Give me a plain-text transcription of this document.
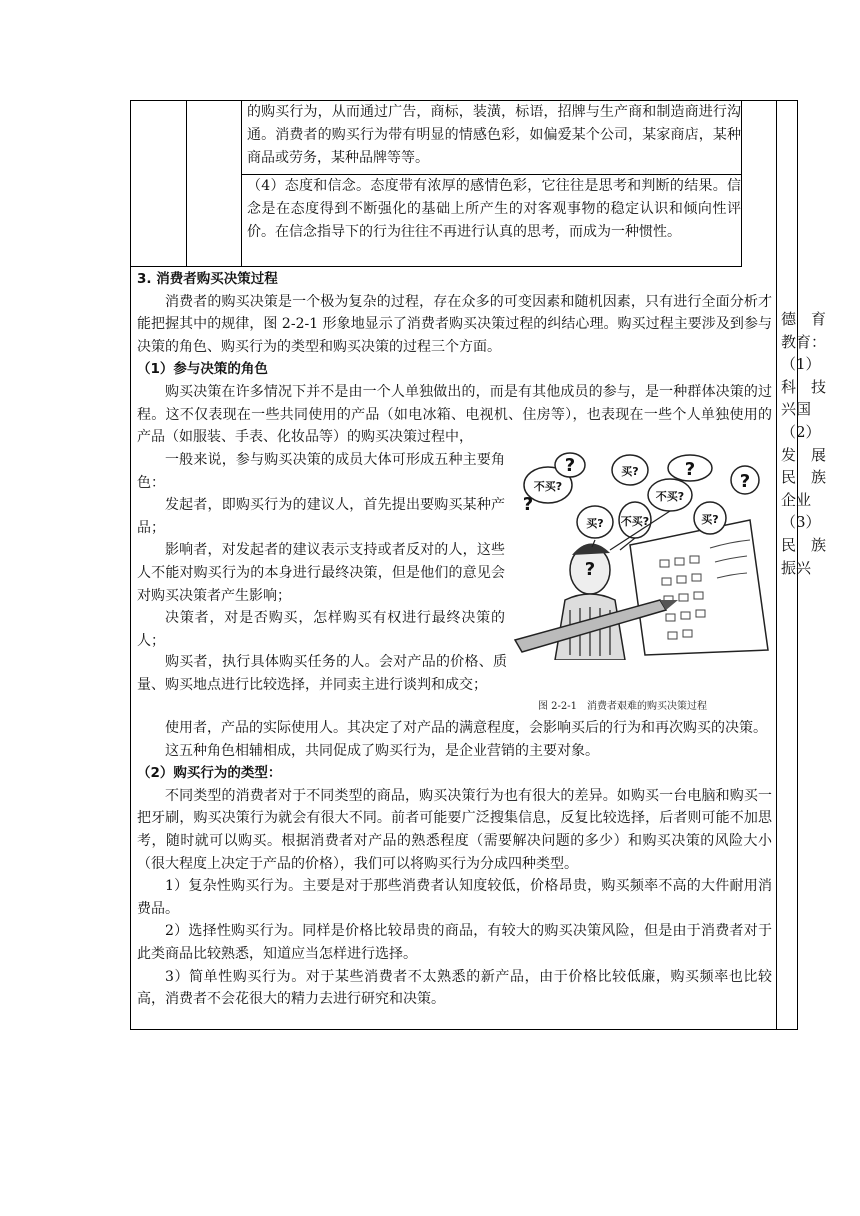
的购买行为，从而通过广告，商标，装潢，标语，招牌与生产商和制造商进行沟通。消费者的购买行为带有明显的情感色彩，如偏爱某个公司，某家商店，某种商品或劳务，某种品牌等等。
（4）态度和信念。态度带有浓厚的感情色彩，它往往是思考和判断的结果。信念是在态度得到不断强化的基础上所产生的对客观事物的稳定认识和倾向性评价。在信念指导下的行为往往不再进行认真的思考，而成为一种惯性。

3. 消费者购买决策过程

消费者的购买决策是一个极为复杂的过程，存在众多的可变因素和随机因素，只有进行全面分析才能把握其中的规律，图 2-2-1 形象地显示了消费者购买决策过程的纠结心理。购买过程主要涉及到参与决策的角色、购买行为的类型和购买决策的过程三个方面。

（1）参与决策的角色

购买决策在许多情况下并不是由一个人单独做出的，而是有其他成员的参与，是一种群体决策的过程。这不仅表现在一些共同使用的产品（如电冰箱、电视机、住房等），也表现在一些个人单独使用的产品（如服装、手表、化妆品等）的购买决策过程中，

一般来说，参与购买决策的成员大体可形成五种主要角色：

发起者，即购买行为的建议人，首先提出要购买某种产品；

影响者，对发起者的建议表示支持或者反对的人，这些人不能对购买行为的本身进行最终决策，但是他们的意见会对购买决策者产生影响；

决策者，对是否购买，怎样购买有权进行最终决策的人；

购买者，执行具体购买任务的人。会对产品的价格、质量、购买地点进行比较选择，并同卖主进行谈判和成交；

不买?
买?
不买?
买? 不买?	买?
?	?
?
?
?
图 2-2-1　消费者艰难的购买决策过程

使用者，产品的实际使用人。其决定了对产品的满意程度，会影响买后的行为和再次购买的决策。

这五种角色相辅相成，共同促成了购买行为，是企业营销的主要对象。

（2）购买行为的类型：

不同类型的消费者对于不同类型的商品，购买决策行为也有很大的差异。如购买一台电脑和购买一把牙刷，购买决策行为就会有很大不同。前者可能要广泛搜集信息，反复比较选择，后者则可能不加思考，随时就可以购买。根据消费者对产品的熟悉程度（需要解决问题的多少）和购买决策的风险大小（很大程度上决定于产品的价格），我们可以将购买行为分成四种类型。

1）复杂性购买行为。主要是对于那些消费者认知度较低，价格昂贵，购买频率不高的大件耐用消费品。

2）选择性购买行为。同样是价格比较昂贵的商品，有较大的购买决策风险，但是由于消费者对于此类商品比较熟悉，知道应当怎样进行选择。

3）简单性购买行为。对于某些消费者不太熟悉的新产品，由于价格比较低廉，购买频率也比较高，消费者不会花很大的精力去进行研究和决策。

德　育
教育：
（1）
科　技
兴国
（2）
发　展
民　族
企业
（3）
民　族
振兴
